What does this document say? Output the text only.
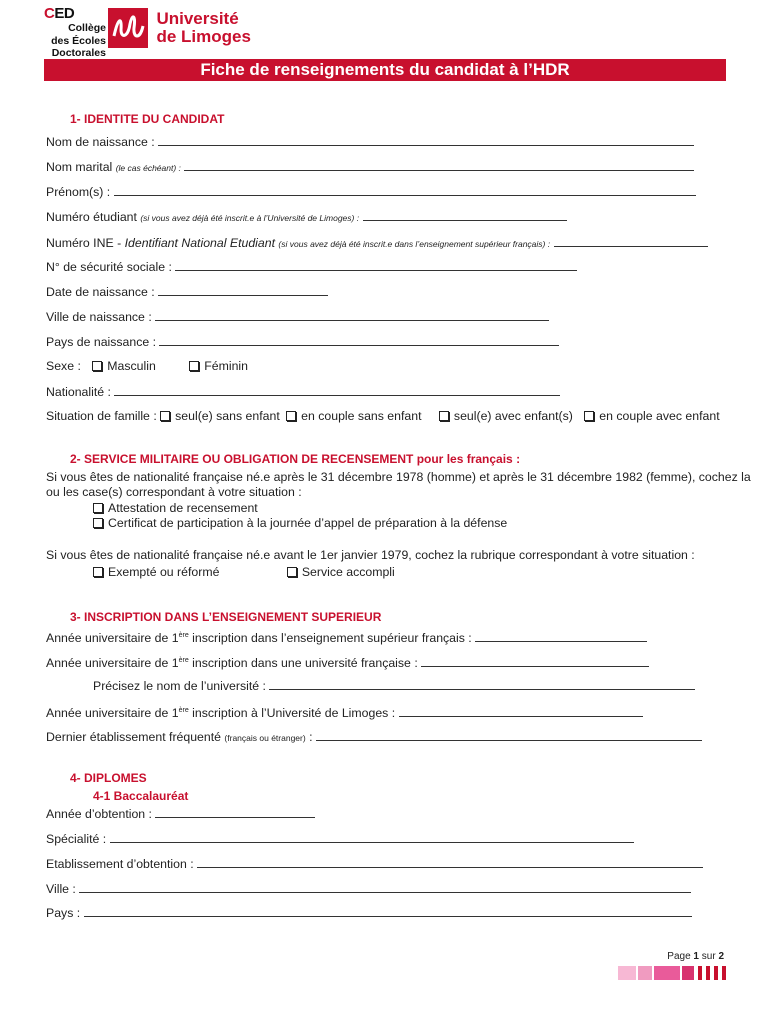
CED
Collège
des Écoles
Doctorales

Université
de Limoges
Fiche de renseignements du candidat à l’HDR
1- IDENTITE DU CANDIDAT
Nom de naissance :
Nom marital (le cas échéant) :
Prénom(s) :
Numéro étudiant (si vous avez déjà été inscrit.e à l’Université de Limoges) :
Numéro INE - Identifiant National Etudiant (si vous avez déjà été inscrit.e dans l’enseignement supérieur français) :
N° de sécurité sociale :
Date de naissance :
Ville de naissance :
Pays de naissance :
Sexe : Masculin	Féminin
Nationalité :
Situation de famille : seul(e) sans enfant en couple sans enfant	seul(e) avec enfant(s) en couple avec enfant
2- SERVICE MILITAIRE OU OBLIGATION DE RECENSEMENT pour les français :
Si vous êtes de nationalité française né.e après le 31 décembre 1978 (homme) et après le 31 décembre 1982 (femme), cochez la
ou les case(s) correspondant à votre situation :
Attestation de recensement
Certificat de participation à la journée d’appel de préparation à la défense
Si vous êtes de nationalité française né.e avant le 1er janvier 1979, cochez la rubrique correspondant à votre situation :
Exempté ou réformé	Service accompli
3- INSCRIPTION DANS L’ENSEIGNEMENT SUPERIEUR
Année universitaire de 1ère inscription dans l’enseignement supérieur français :
Année universitaire de 1ère inscription dans une université française :
Précisez le nom de l’université :
Année universitaire de 1ère inscription à l’Université de Limoges :
Dernier établissement fréquenté (français ou étranger) :
4- DIPLOMES
4-1 Baccalauréat
Année d’obtention :
Spécialité :
Etablissement d’obtention :
Ville :
Pays :
Page 1 sur 2
